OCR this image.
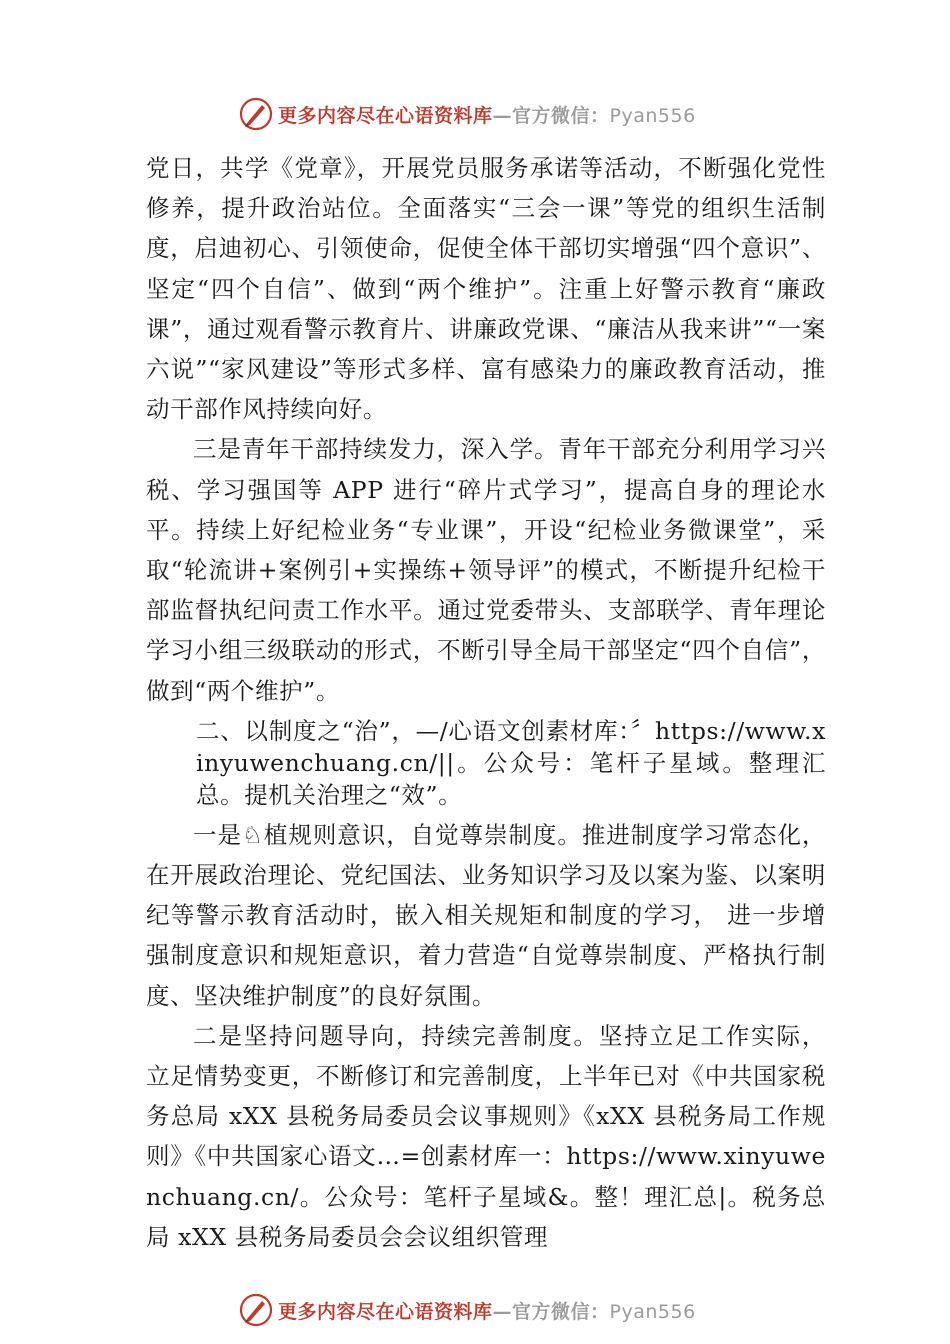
更多内容尽在心语资料库—官方微信：Pyan556

党日，共学《党章》，开展党员服务承诺等活动，不断强化党性修养，提升政治站位。全面落实“三会一课”等党的组织生活制度，启迪初心、引领使命，促使全体干部切实增强“四个意识”、坚定“四个自信”、做到“两个维护”。注重上好警示教育“廉政课”，通过观看警示教育片、讲廉政党课、“廉洁从我来讲”“一案六说”“家风建设”等形式多样、富有感染力的廉政教育活动，推动干部作风持续向好。

三是青年干部持续发力，深入学。青年干部充分利用学习兴税、学习强国等 APP 进行“碎片式学习”，提高自身的理论水平。持续上好纪检业务“专业课”，开设“纪检业务微课堂”，采取“轮流讲+案例引+实操练+领导评”的模式，不断提升纪检干部监督执纪问责工作水平。通过党委带头、支部联学、青年理论学习小组三级联动的形式，不断引导全局干部坚定“四个自信”，做到“两个维护”。

二、以制度之“治”，—/心语文创素材库：〞https://www.xinyuwenchuang.cn/||。公众号：笔杆子星域。整理汇总。提机关治理之“效”。

一是♘植规则意识，自觉尊崇制度。推进制度学习常态化，在开展政治理论、党纪国法、业务知识学习及以案为鉴、以案明纪等警示教育活动时，嵌入相关规矩和制度的学习， 进一步增强制度意识和规矩意识，着力营造“自觉尊崇制度、严格执行制度、坚决维护制度”的良好氛围。

二是坚持问题导向，持续完善制度。坚持立足工作实际， 立足情势变更，不断修订和完善制度，上半年已对《中共国家税务总局 xXX 县税务局委员会议事规则》《xXX 县税务局工作规则》《中共国家心语文…=创素材库一：https://www.xinyuwenchuang.cn/。公众号：笔杆子星域&。整！理汇总|。税务总局 xXX 县税务局委员会会议组织管理

更多内容尽在心语资料库—官方微信：Pyan556
